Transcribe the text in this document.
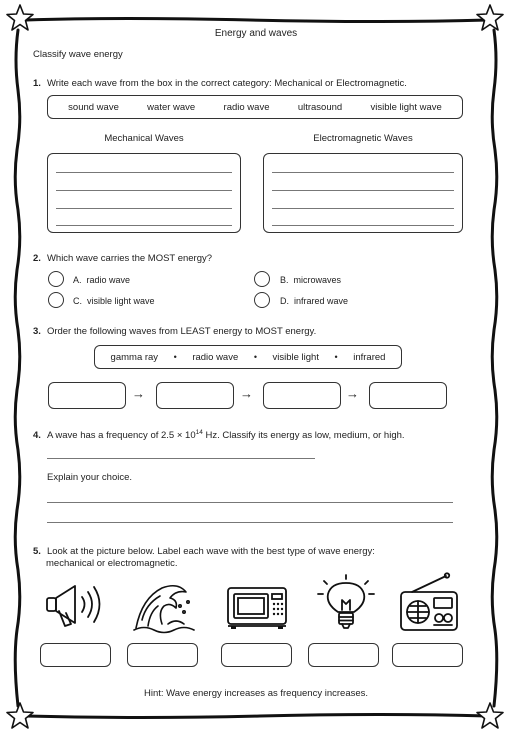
Energy and waves
Classify wave energy
1. Write each wave from the box in the correct category: Mechanical or Electromagnetic.
sound wave	water wave	radio wave	ultrasound	visible light wave
Mechanical Waves	Electromagnetic Waves
2. Which wave carries the MOST energy?
A. radio wave	B. microwaves
C. visible light wave	D. infrared wave
3. Order the following waves from LEAST energy to MOST energy.
gamma ray • radio wave • visible light • infrared
→	→	→
4. A wave has a frequency of $2.5 \times 10^{14}$ Hz. Classify its energy as low, medium, or high.
Explain your choice.
5. Look at the picture below. Label each wave with the best type of wave energy:
mechanical or electromagnetic.
Hint: Wave energy increases as frequency increases.
